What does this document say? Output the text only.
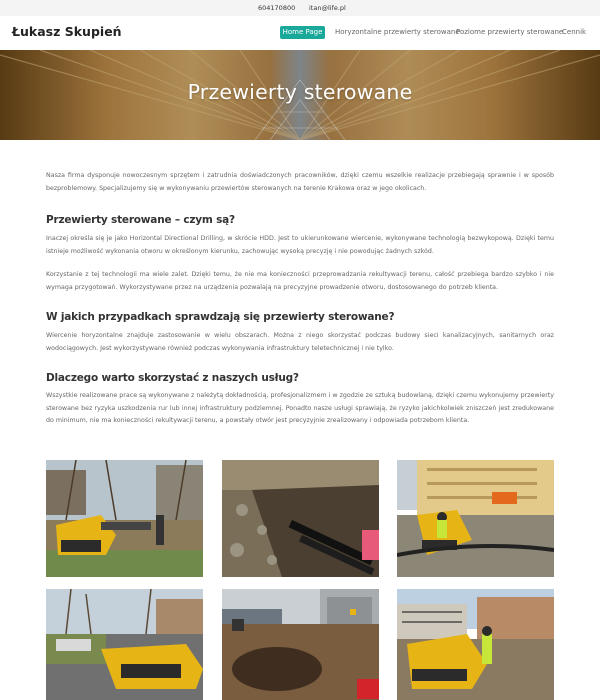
604170800 itan@life.pl
Łukasz Skupień	Home Page	Horyzontalne przewierty sterowane
Poziome przewierty sterowane
Cennik
Przewierty sterowane

Nasza firma dysponuje nowoczesnym sprzętem i zatrudnia doświadczonych pracowników, dzięki czemu wszelkie realizacje przebiegają sprawnie i w sposób bezproblemowy. Specjalizujemy się w wykonywaniu przewiertów sterowanych na terenie Krakowa oraz w jego okolicach.

Przewierty sterowane – czym są?

Inaczej określa się je jako Horizontal Directional Drilling, w skrócie HDD. Jest to ukierunkowane wiercenie, wykonywane technologią bezwykopową. Dzięki temu istnieje możliwość wykonania otworu w określonym kierunku, zachowując wysoką precyzję i nie powodując żadnych szkód.

Korzystanie z tej technologii ma wiele zalet. Dzięki temu, że nie ma konieczności przeprowadzania rekultywacji terenu, całość przebiega bardzo szybko i nie wymaga przygotowań. Wykorzystywane przez na urządzenia pozwalają na precyzyjne prowadzenie otworu, dostosowanego do potrzeb klienta.

W jakich przypadkach sprawdzają się przewierty sterowane?

Wiercenie horyzontalne znajduje zastosowanie w wielu obszarach. Można z niego skorzystać podczas budowy sieci kanalizacyjnych, sanitarnych oraz wodociągowych. Jest wykorzystywane również podczas wykonywania infrastruktury teletechnicznej i nie tylko.

Dlaczego warto skorzystać z naszych usług?

Wszystkie realizowane prace są wykonywane z należytą dokładnością, profesjonalizmem i w zgodzie ze sztuką budowlaną, dzięki czemu wykonujemy przewierty sterowane bez ryzyka uszkodzenia rur lub innej infrastruktury podziemnej. Ponadto nasze usługi sprawiają, że ryzyko jakichkolwiek zniszczeń jest zredukowane do minimum, nie ma konieczności rekultywacji terenu, a powstały otwór jest precyzyjnie zrealizowany i odpowiada potrzebom klienta.
